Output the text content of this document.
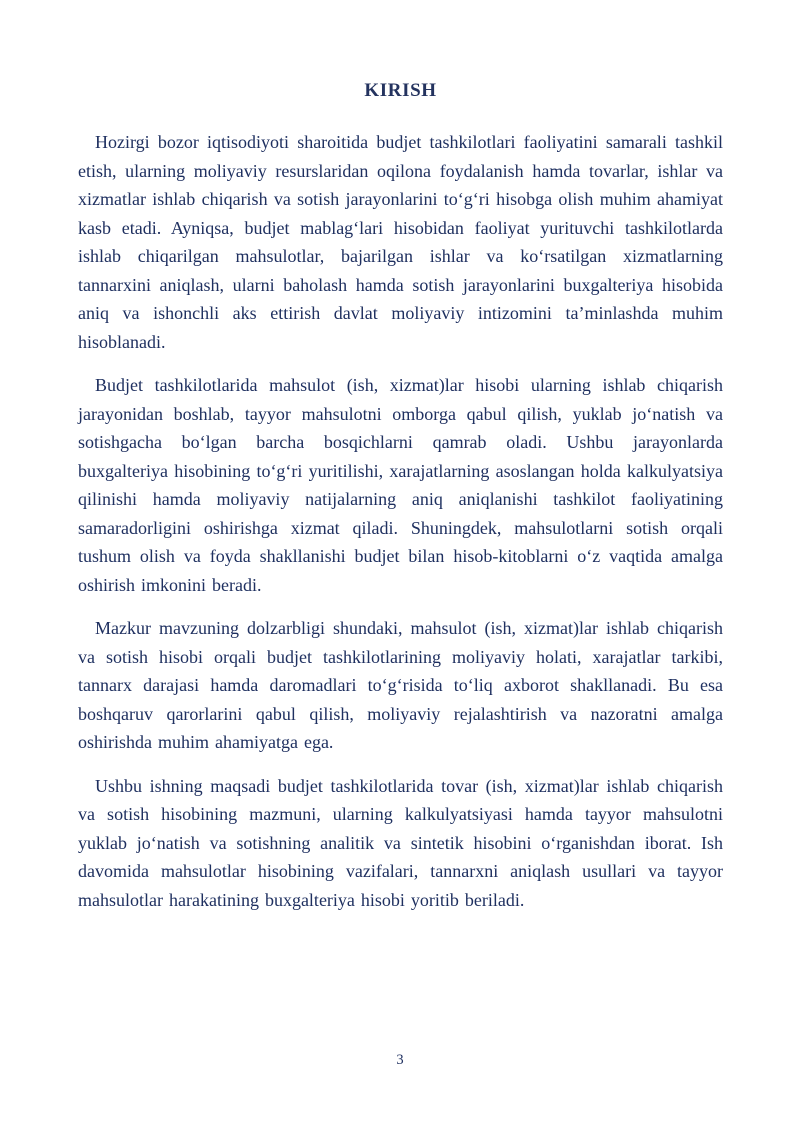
KIRISH

Hozirgi bozor iqtisodiyoti sharoitida budjet tashkilotlari faoliyatini samarali tashkil etish, ularning moliyaviy resurslaridan oqilona foydalanish hamda tovarlar, ishlar va xizmatlar ishlab chiqarish va sotish jarayonlarini toʻgʻri hisobga olish muhim ahamiyat kasb etadi. Ayniqsa, budjet mablagʻlari hisobidan faoliyat yurituvchi tashkilotlarda ishlab chiqarilgan mahsulotlar, bajarilgan ishlar va koʻrsatilgan xizmatlarning tannarxini aniqlash, ularni baholash hamda sotish jarayonlarini buxgalteriya hisobida aniq va ishonchli aks ettirish davlat moliyaviy intizomini ta’minlashda muhim hisoblanadi.

Budjet tashkilotlarida mahsulot (ish, xizmat)lar hisobi ularning ishlab chiqarish jarayonidan boshlab, tayyor mahsulotni omborga qabul qilish, yuklab joʻnatish va sotishgacha boʻlgan barcha bosqichlarni qamrab oladi. Ushbu jarayonlarda buxgalteriya hisobining toʻgʻri yuritilishi, xarajatlarning asoslangan holda kalkulyatsiya qilinishi hamda moliyaviy natijalarning aniq aniqlanishi tashkilot faoliyatining samaradorligini oshirishga xizmat qiladi. Shuningdek, mahsulotlarni sotish orqali tushum olish va foyda shakllanishi budjet bilan hisob-kitoblarni oʻz vaqtida amalga oshirish imkonini beradi.

Mazkur mavzuning dolzarbligi shundaki, mahsulot (ish, xizmat)lar ishlab chiqarish va sotish hisobi orqali budjet tashkilotlarining moliyaviy holati, xarajatlar tarkibi, tannarx darajasi hamda daromadlari toʻgʻrisida toʻliq axborot shakllanadi. Bu esa boshqaruv qarorlarini qabul qilish, moliyaviy rejalashtirish va nazoratni amalga oshirishda muhim ahamiyatga ega.

Ushbu ishning maqsadi budjet tashkilotlarida tovar (ish, xizmat)lar ishlab chiqarish va sotish hisobining mazmuni, ularning kalkulyatsiyasi hamda tayyor mahsulotni yuklab joʻnatish va sotishning analitik va sintetik hisobini oʻrganishdan iborat. Ish davomida mahsulotlar hisobining vazifalari, tannarxni aniqlash usullari va tayyor mahsulotlar harakatining buxgalteriya hisobi yoritib beriladi.

3
